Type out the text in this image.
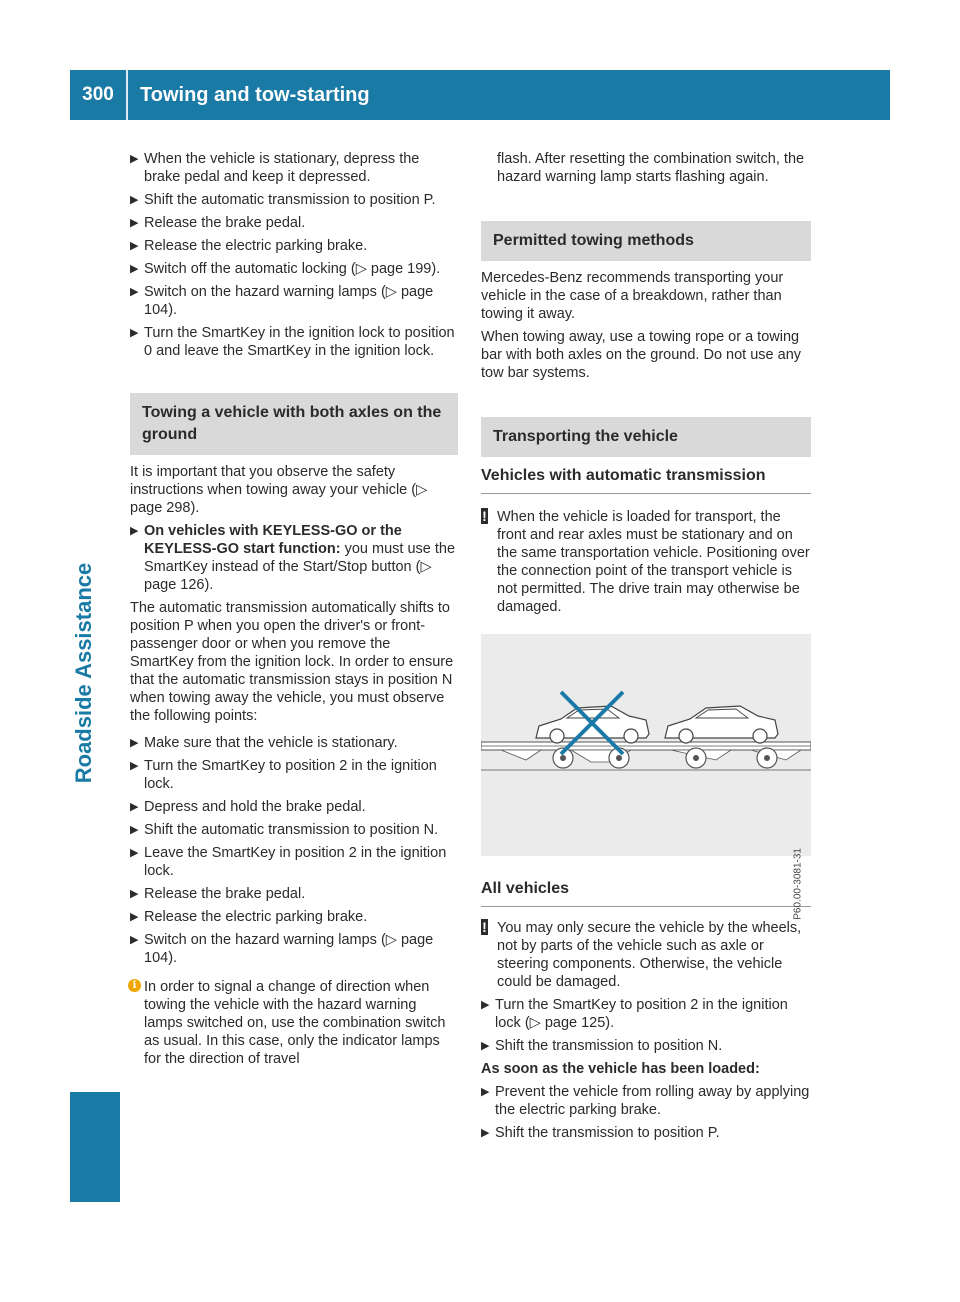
300	Towing and tow-starting
Roadside Assistance
▶ When the vehicle is stationary, depress the brake pedal and keep it depressed.
▶ Shift the automatic transmission to position P.
▶ Release the brake pedal.
▶ Release the electric parking brake.
▶ Switch off the automatic locking (▷ page 199).
▶ Switch on the hazard warning lamps (▷ page 104).
▶ Turn the SmartKey in the ignition lock to position 0 and leave the SmartKey in the ignition lock.
Towing a vehicle with both axles on the ground

It is important that you observe the safety instructions when towing away your vehicle (▷ page 298).

▶ On vehicles with KEYLESS-GO or the KEYLESS-GO start function: you must use the SmartKey instead of the Start/Stop button (▷ page 126).

The automatic transmission automatically shifts to position P when you open the driver's or front-passenger door or when you remove the SmartKey from the ignition lock. In order to ensure that the automatic transmission stays in position N when towing away the vehicle, you must observe the following points:

▶ Make sure that the vehicle is stationary.
▶ Turn the SmartKey to position 2 in the ignition lock.
▶ Depress and hold the brake pedal.
▶ Shift the automatic transmission to position N.
▶ Leave the SmartKey in position 2 in the ignition lock.
▶ Release the brake pedal.
▶ Release the electric parking brake.
▶ Switch on the hazard warning lamps (▷ page 104).
i In order to signal a change of direction when towing the vehicle with the hazard warning lamps switched on, use the combination switch as usual. In this case, only the indicator lamps for the direction of travel

flash. After resetting the combination switch, the hazard warning lamp starts flashing again.

Permitted towing methods

Mercedes-Benz recommends transporting your vehicle in the case of a breakdown, rather than towing it away.

When towing away, use a towing rope or a towing bar with both axles on the ground. Do not use any tow bar systems.

Transporting the vehicle
Vehicles with automatic transmission
! When the vehicle is loaded for transport, the front and rear axles must be stationary and on the same transportation vehicle. Positioning over the connection point of the transport vehicle is not permitted. The drive train may otherwise be damaged.
P60.00-3081-31
All vehicles
! You may only secure the vehicle by the wheels, not by parts of the vehicle such as axle or steering components. Otherwise, the vehicle could be damaged.
▶ Turn the SmartKey to position 2 in the ignition lock (▷ page 125).
▶ Shift the transmission to position N.

As soon as the vehicle has been loaded:

▶ Prevent the vehicle from rolling away by applying the electric parking brake.
▶ Shift the transmission to position P.
